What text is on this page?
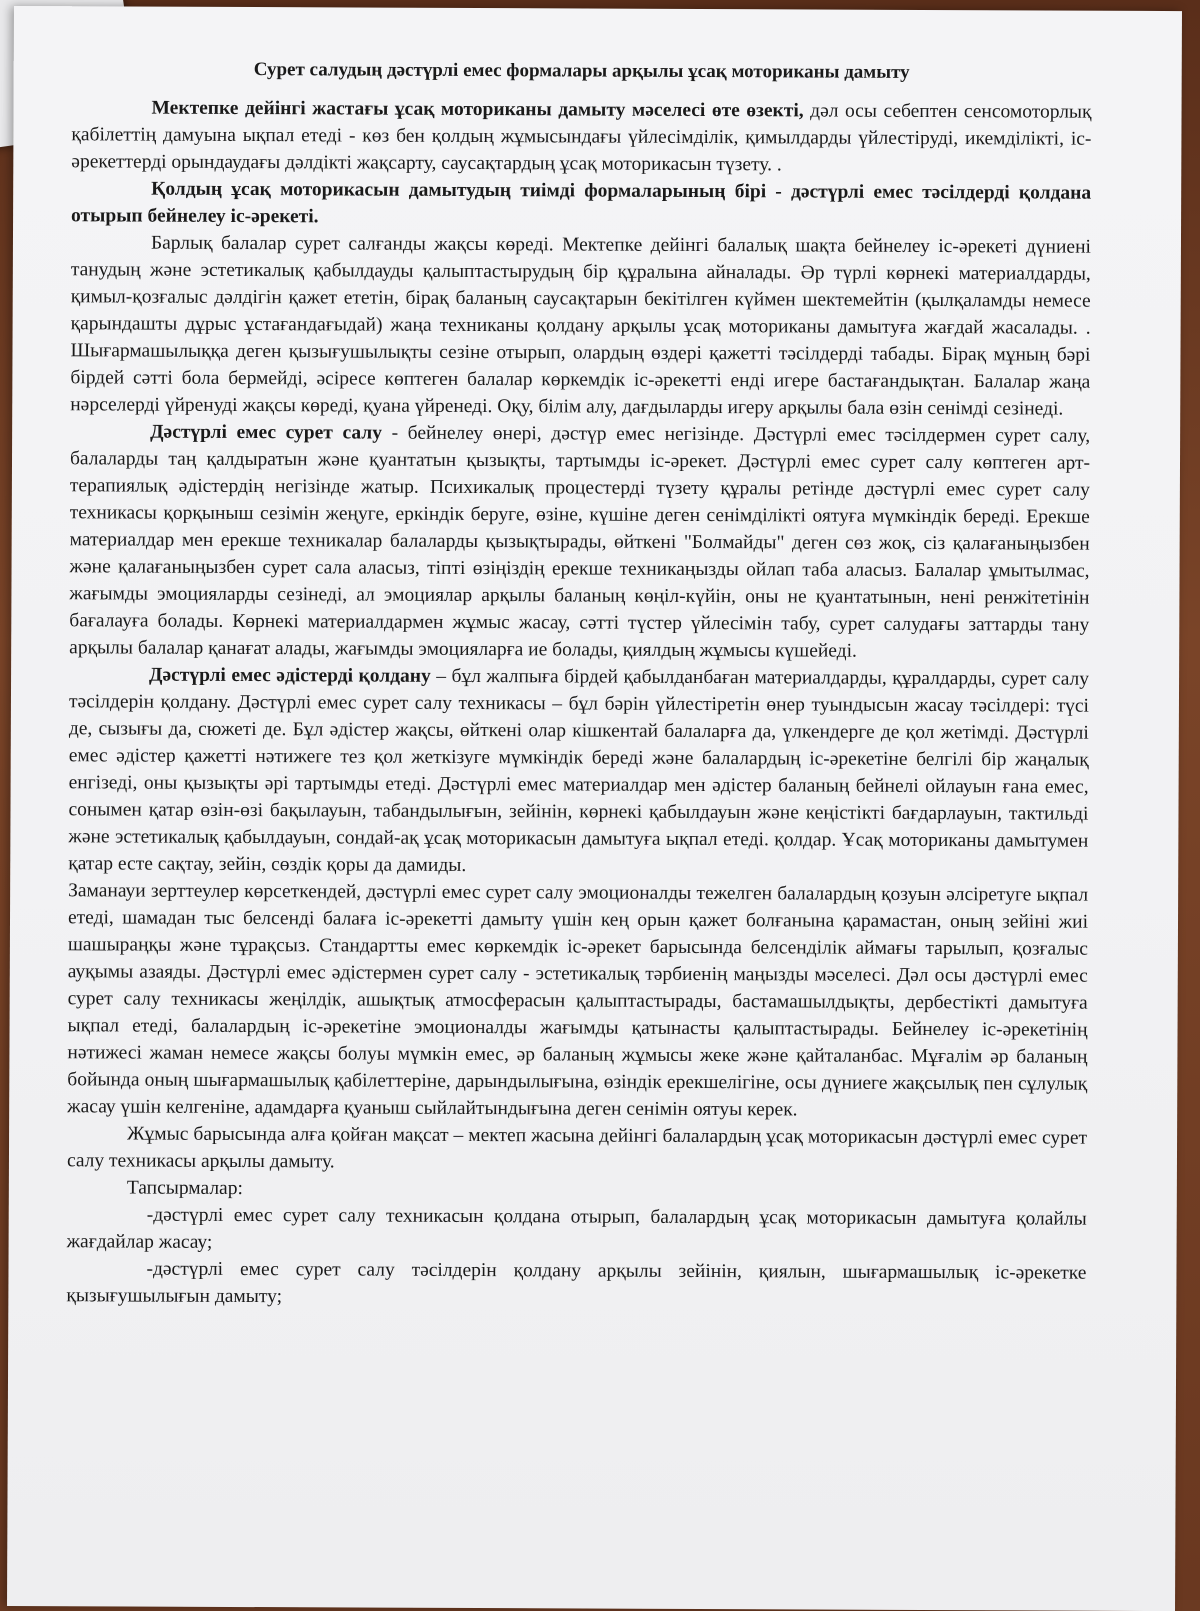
Сурет салудың дәстүрлі емес формалары арқылы ұсақ моториканы дамыту

Мектепке дейінгі жастағы ұсақ моториканы дамыту мәселесі өте өзекті, дәл осы себептен сенсомоторлық қабілеттің дамуына ықпал етеді - көз бен қолдың жұмысындағы үйлесімділік, қимылдарды үйлестіруді, икемділікті, іс-әрекеттерді орындаудағы дәлдікті жақсарту, саусақтардың ұсақ моторикасын түзету. .

Қолдың ұсақ моторикасын дамытудың тиімді формаларының бірі - дәстүрлі емес тәсілдерді қолдана отырып бейнелеу іс-әрекеті.

Барлық балалар сурет салғанды жақсы көреді. Мектепке дейінгі балалық шақта бейнелеу іс-әрекеті дүниені танудың және эстетикалық қабылдауды қалыптастырудың бір құралына айналады. Әр түрлі көрнекі материалдарды, қимыл-қозғалыс дәлдігін қажет ететін, бірақ баланың саусақтарын бекітілген күймен шектемейтін (қылқаламды немесе қарындашты дұрыс ұстағандағыдай) жаңа техниканы қолдану арқылы ұсақ моториканы дамытуға жағдай жасалады. . Шығармашылыққа деген қызығушылықты сезіне отырып, олардың өздері қажетті тәсілдерді табады. Бірақ мұның бәрі бірдей сәтті бола бермейді, әсіресе көптеген балалар көркемдік іс-әрекетті енді игере бастағандықтан. Балалар жаңа нәрселерді үйренуді жақсы көреді, қуана үйренеді. Оқу, білім алу, дағдыларды игеру арқылы бала өзін сенімді сезінеді.

Дәстүрлі емес сурет салу - бейнелеу өнері, дәстүр емес негізінде. Дәстүрлі емес тәсілдермен сурет салу, балаларды таң қалдыратын және қуантатын қызықты, тартымды іс-әрекет. Дәстүрлі емес сурет салу көптеген арт-терапиялық әдістердің негізінде жатыр. Психикалық процестерді түзету құралы ретінде дәстүрлі емес сурет салу техникасы қорқыныш сезімін жеңуге, еркіндік беруге, өзіне, күшіне деген сенімділікті оятуға мүмкіндік береді. Ерекше материалдар мен ерекше техникалар балаларды қызықтырады, өйткені "Болмайды" деген сөз жоқ, сіз қалағаныңызбен және қалағаныңызбен сурет сала аласыз, тіпті өзіңіздің ерекше техникаңызды ойлап таба аласыз. Балалар ұмытылмас, жағымды эмоцияларды сезінеді, ал эмоциялар арқылы баланың көңіл-күйін, оны не қуантатынын, нені ренжітетінін бағалауға болады. Көрнекі материалдармен жұмыс жасау, сәтті түстер үйлесімін табу, сурет салудағы заттарды тану арқылы балалар қанағат алады, жағымды эмоцияларға ие болады, қиялдың жұмысы күшейеді.

Дәстүрлі емес әдістерді қолдану – бұл жалпыға бірдей қабылданбаған материалдарды, құралдарды, сурет салу тәсілдерін қолдану. Дәстүрлі емес сурет салу техникасы – бұл бәрін үйлестіретін өнер туындысын жасау тәсілдері: түсі де, сызығы да, сюжеті де. Бұл әдістер жақсы, өйткені олар кішкентай балаларға да, үлкендерге де қол жетімді. Дәстүрлі емес әдістер қажетті нәтижеге тез қол жеткізуге мүмкіндік береді және балалардың іс-әрекетіне белгілі бір жаңалық енгізеді, оны қызықты әрі тартымды етеді. Дәстүрлі емес материалдар мен әдістер баланың бейнелі ойлауын ғана емес, сонымен қатар өзін-өзі бақылауын, табандылығын, зейінін, көрнекі қабылдауын және кеңістікті бағдарлауын, тактильді және эстетикалық қабылдауын, сондай-ақ ұсақ моторикасын дамытуға ықпал етеді. қолдар. Ұсақ моториканы дамытумен қатар есте сақтау, зейін, сөздік қоры да дамиды.

Заманауи зерттеулер көрсеткендей, дәстүрлі емес сурет салу эмоционалды тежелген балалардың қозуын әлсіретуге ықпал етеді, шамадан тыс белсенді балаға іс-әрекетті дамыту үшін кең орын қажет болғанына қарамастан, оның зейіні жиі шашыраңқы және тұрақсыз. Стандартты емес көркемдік іс-әрекет барысында белсенділік аймағы тарылып, қозғалыс ауқымы азаяды. Дәстүрлі емес әдістермен сурет салу - эстетикалық тәрбиенің маңызды мәселесі. Дәл осы дәстүрлі емес сурет салу техникасы жеңілдік, ашықтық атмосферасын қалыптастырады, бастамашылдықты, дербестікті дамытуға ықпал етеді, балалардың іс-әрекетіне эмоционалды жағымды қатынасты қалыптастырады. Бейнелеу іс-әрекетінің нәтижесі жаман немесе жақсы болуы мүмкін емес, әр баланың жұмысы жеке және қайталанбас. Мұғалім әр баланың бойында оның шығармашылық қабілеттеріне, дарындылығына, өзіндік ерекшелігіне, осы дүниеге жақсылық пен сұлулық жасау үшін келгеніне, адамдарға қуаныш сыйлайтындығына деген сенімін оятуы керек.

Жұмыс барысында алға қойған мақсат – мектеп жасына дейінгі балалардың ұсақ моторикасын дәстүрлі емес сурет салу техникасы арқылы дамыту.

Тапсырмалар:

-дәстүрлі емес сурет салу техникасын қолдана отырып, балалардың ұсақ моторикасын дамытуға қолайлы жағдайлар жасау;

-дәстүрлі емес сурет салу тәсілдерін қолдану арқылы зейінін, қиялын, шығармашылық іс-әрекетке қызығушылығын дамыту;
